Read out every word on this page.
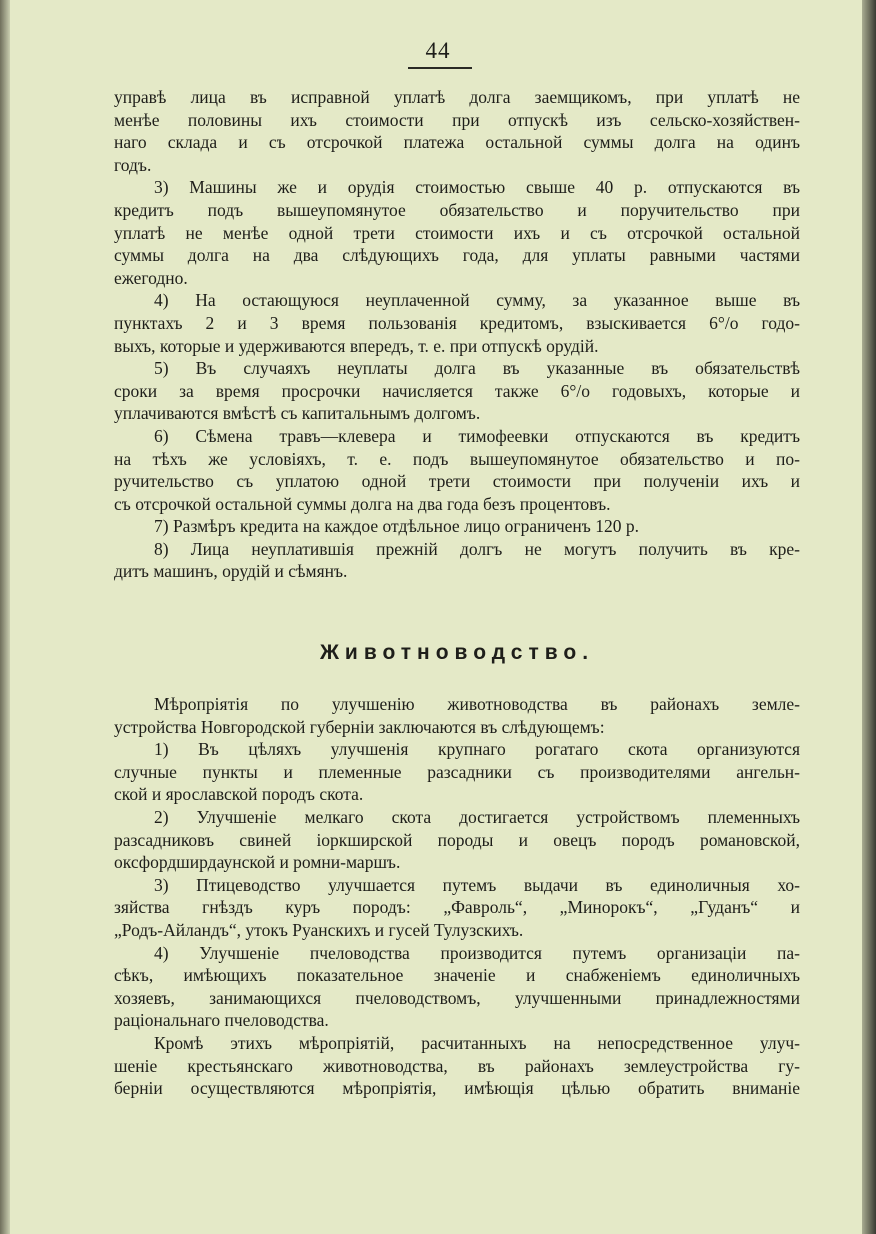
44
управѣ лица въ исправной уплатѣ долга заемщикомъ, при уплатѣ не
менѣе половины ихъ стоимости при отпускѣ изъ сельско-хозяйствен-
наго склада и съ отсрочкой платежа остальной суммы долга на одинъ
годъ.
3) Машины же и орудія стоимостью свыше 40 р. отпускаются въ
кредитъ подъ вышеупомянутое обязательство и поручительство при
уплатѣ не менѣе одной трети стоимости ихъ и съ отсрочкой остальной
суммы долга на два слѣдующихъ года, для уплаты равными частями
ежегодно.
4) На остающуюся неуплаченной сумму, за указанное выше въ
пунктахъ 2 и 3 время пользованія кредитомъ, взыскивается 6°/о годо-
выхъ, которые и удерживаются впередъ, т. е. при отпускѣ орудій.
5) Въ случаяхъ неуплаты долга въ указанные въ обязательствѣ
сроки за время просрочки начисляется также 6°/о годовыхъ, которые и
уплачиваются вмѣстѣ съ капитальнымъ долгомъ.
6) Сѣмена травъ—клевера и тимофеевки отпускаются въ кредитъ
на тѣхъ же условіяхъ, т. е. подъ вышеупомянутое обязательство и по-
ручительство съ уплатою одной трети стоимости при полученіи ихъ и
съ отсрочкой остальной суммы долга на два года безъ процентовъ.
7) Размѣръ кредита на каждое отдѣльное лицо ограниченъ 120 р.
8) Лица неуплатившія прежній долгъ не могутъ получить въ кре-
дитъ машинъ, орудій и сѣмянъ.
Животноводство.
Мѣропріятія по улучшенію животноводства въ районахъ земле-
устройства Новгородской губерніи заключаются въ слѣдующемъ:
1) Въ цѣляхъ улучшенія крупнаго рогатаго скота организуются
случные пункты и племенные разсадники съ производителями ангельн-
ской и ярославской породъ скота.
2) Улучшеніе мелкаго скота достигается устройствомъ племенныхъ
разсадниковъ свиней іоркширской породы и овецъ породъ романовской,
оксфордширдаунской и ромни-маршъ.
3) Птицеводство улучшается путемъ выдачи въ единоличныя хо-
зяйства гнѣздъ куръ породъ: „Фавроль“, „Минорокъ“, „Гуданъ“ и
„Родъ-Айландъ“, утокъ Руанскихъ и гусей Тулузскихъ.
4) Улучшеніе пчеловодства производится путемъ организаціи па-
сѣкъ, имѣющихъ показательное значеніе и снабженіемъ единоличныхъ
хозяевъ, занимающихся пчеловодствомъ, улучшенными принадлежностями
раціональнаго пчеловодства.
Кромѣ этихъ мѣропріятій, расчитанныхъ на непосредственное улуч-
шеніе крестьянскаго животноводства, въ районахъ землеустройства гу-
берніи осуществляются мѣропріятія, имѣющія цѣлью обратить вниманіе
